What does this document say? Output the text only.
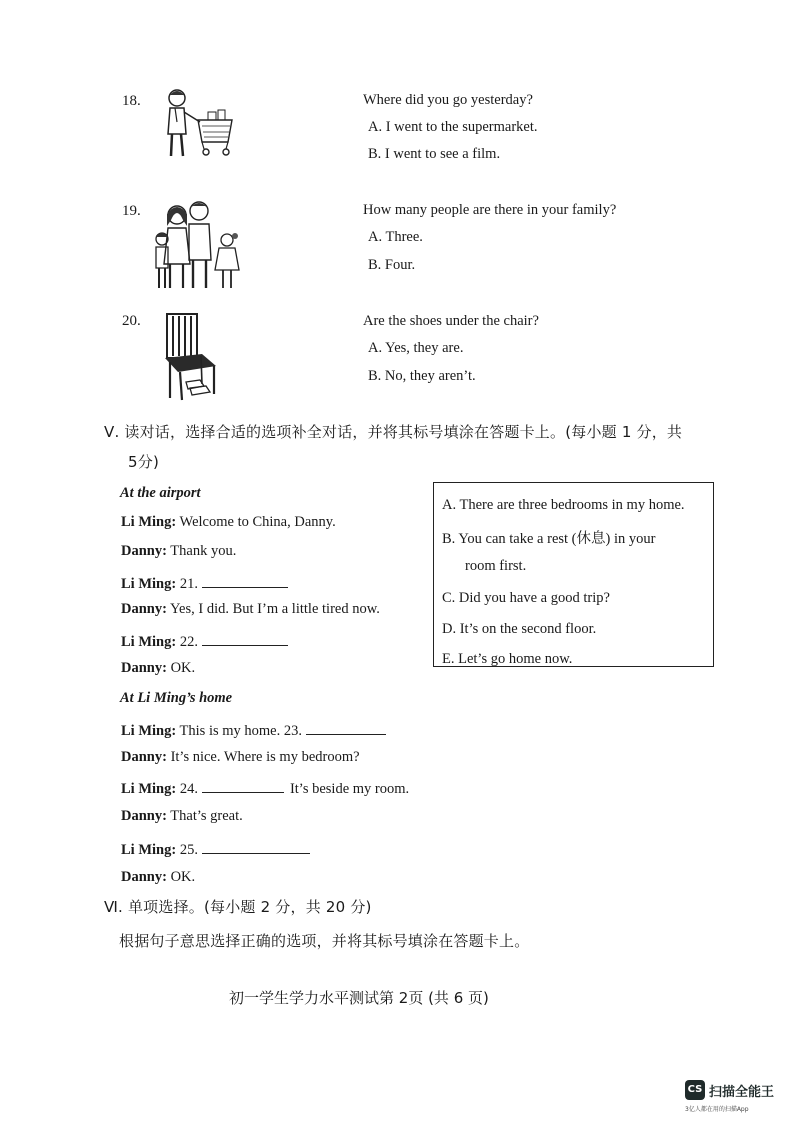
18.	Where did you go yesterday?
A. I went to the supermarket.
B. I went to see a film.
19.	How many people are there in your family?
A. Three.
B. Four.
20.	Are the shoes under the chair?
A. Yes, they are.
B. No, they aren’t.
Ⅴ. 读对话，选择合适的选项补全对话，并将其标号填涂在答题卡上。(每小题 1 分，共
5分)
At the airport
Li Ming: Welcome to China, Danny.
Danny: Thank you.
Li Ming: 21.
Danny: Yes, I did. But I’m a little tired now.
Li Ming: 22.
Danny: OK.
At Li Ming’s home
Li Ming: This is my home. 23.
Danny: It’s nice. Where is my bedroom?
Li Ming: 24.	It’s beside my room.
Danny: That’s great.
Li Ming: 25.
Danny: OK.
A. There are three bedrooms in my home.
B. You can take a rest (休息) in your
room first.
C. Did you have a good trip?
D. It’s on the second floor.
E. Let’s go home now.
Ⅵ. 单项选择。(每小题 2 分，共 20 分)
根据句子意思选择正确的选项，并将其标号填涂在答题卡上。
初一学生学力水平测试第 2页 (共 6 页)
CS 扫描全能王
3亿人都在用的扫描App
